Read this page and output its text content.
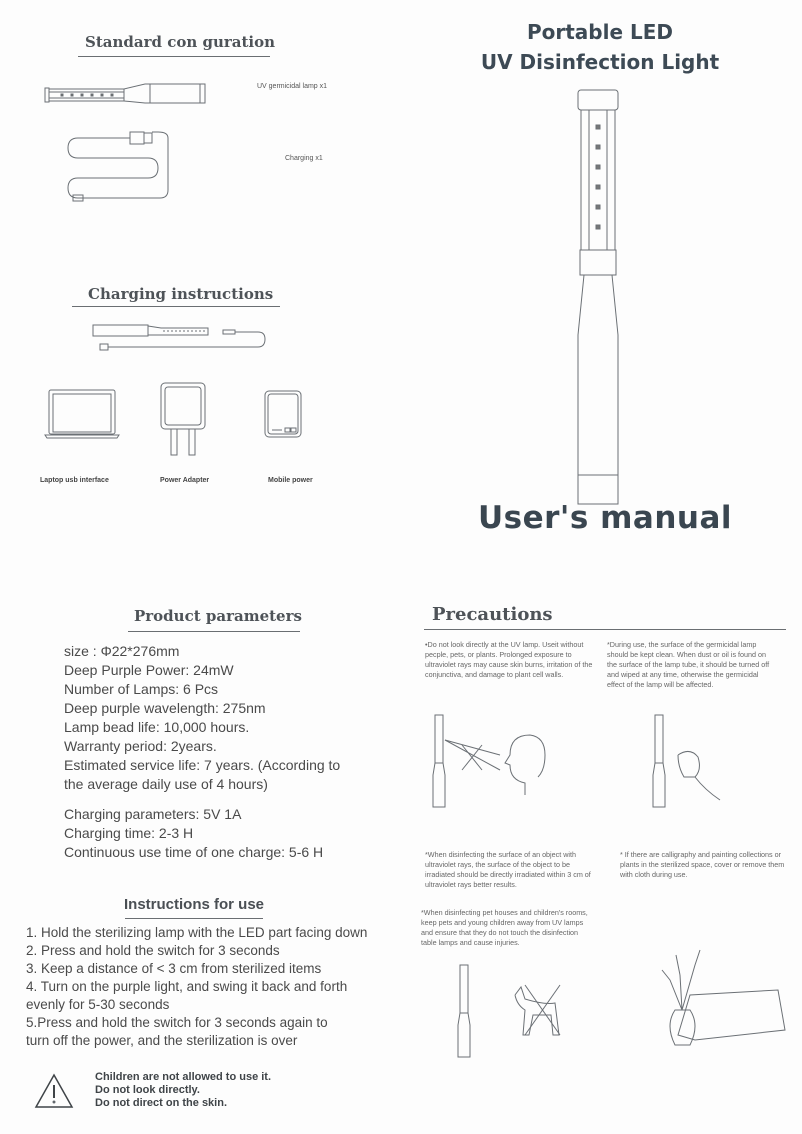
Standard con guration
UV germicidal lamp x1
Charging x1
Charging instructions
Laptop usb interface	Power Adapter	Mobile power
Portable LED
UV Disinfection Light
User's manual
Product parameters
size : Φ22*276mm
Deep Purple Power: 24mW
Number of Lamps: 6 Pcs
Deep purple wavelength: 275nm
Lamp bead life: 10,000 hours.
Warranty period: 2years.
Estimated service life: 7 years. (According to
the average daily use of 4 hours)
Charging parameters: 5V 1A
Charging time: 2-3 H
Continuous use time of one charge: 5-6 H
Instructions for use
1. Hold the sterilizing lamp with the LED part facing down
2. Press and hold the switch for 3 seconds
3. Keep a distance of < 3 cm from sterilized items
4. Turn on the purple light, and swing it back and forth
evenly for 5-30 seconds
5.Press and hold the switch for 3 seconds again to
turn off the power, and the sterilization is over
Children are not allowed to use it.
Do not look directly.
Do not direct on the skin.
Precautions
•Do not look directly at the UV lamp. Useit without pecple, pets, or plants. Prolonged exposure to ultraviolet rays may cause skin burns, irritation of the conjunctiva, and damage to plant cell walls.
*During use, the surface of the germicidal lamp should be kept clean. When dust or oil is found on the surface of the lamp tube, it should be turned off and wiped at any time, otherwise the germicidal effect of the lamp will be affected.
*When disinfecting the surface of an object with ultraviolet rays, the surface of the object to be irradiated should be directly irradiated within 3 cm of ultraviolet rays better results.
* If there are calligraphy and painting collections or plants in the sterilized space, cover or remove them with cloth during use.
*When disinfecting pet houses and children's rooms, keep pets and young children away from UV lamps and ensure that they do not touch the disinfection table lamps and cause injuries.
